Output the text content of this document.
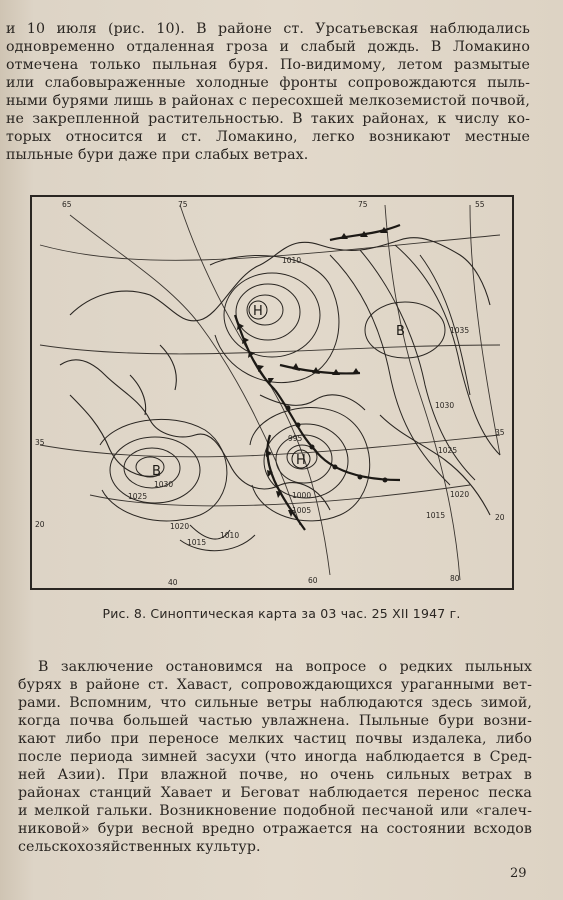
и 10 июля (рис. 10). В районе ст. Урсатьевская наблюдались
одновременно отдаленная гроза и слабый дождь. В Ломакино
отмечена только пыльная буря. По-видимому, летом размытые
или слабовыраженные холодные фронты сопровождаются пыль-
ными бурями лишь в районах с пересохшей мелкоземистой почвой,
не закрепленной растительностью. В таких районах, к числу ко-
торых относится и ст. Ломакино, легко возникают местные
пыльные бури даже при слабых ветрах.
65	75	75	55
40	60	80
35
20
35
20
1010
1035
1030
1025
1020
1015
1030
1025
1020
1015
1010
995
1000
1005
Н
В
В
Н
Рис. 8. Синоптическая карта за 03 час. 25 XII 1947 г.
В заключение остановимся на вопросе о редких пыльных
бурях в районе ст. Хаваст, сопровождающихся ураганными вет-
рами. Вспомним, что сильные ветры наблюдаются здесь зимой,
когда почва большей частью увлажнена. Пыльные бури возни-
кают либо при переносе мелких частиц почвы издалека, либо
после периода зимней засухи (что иногда наблюдается в Сред-
ней Азии). При влажной почве, но очень сильных ветрах в
районах станций Хавает и Беговат наблюдается перенос песка
и мелкой гальки. Возникновение подобной песчаной или «галеч-
никовой» бури весной вредно отражается на состоянии всходов
сельскохозяйственных культур.
29
